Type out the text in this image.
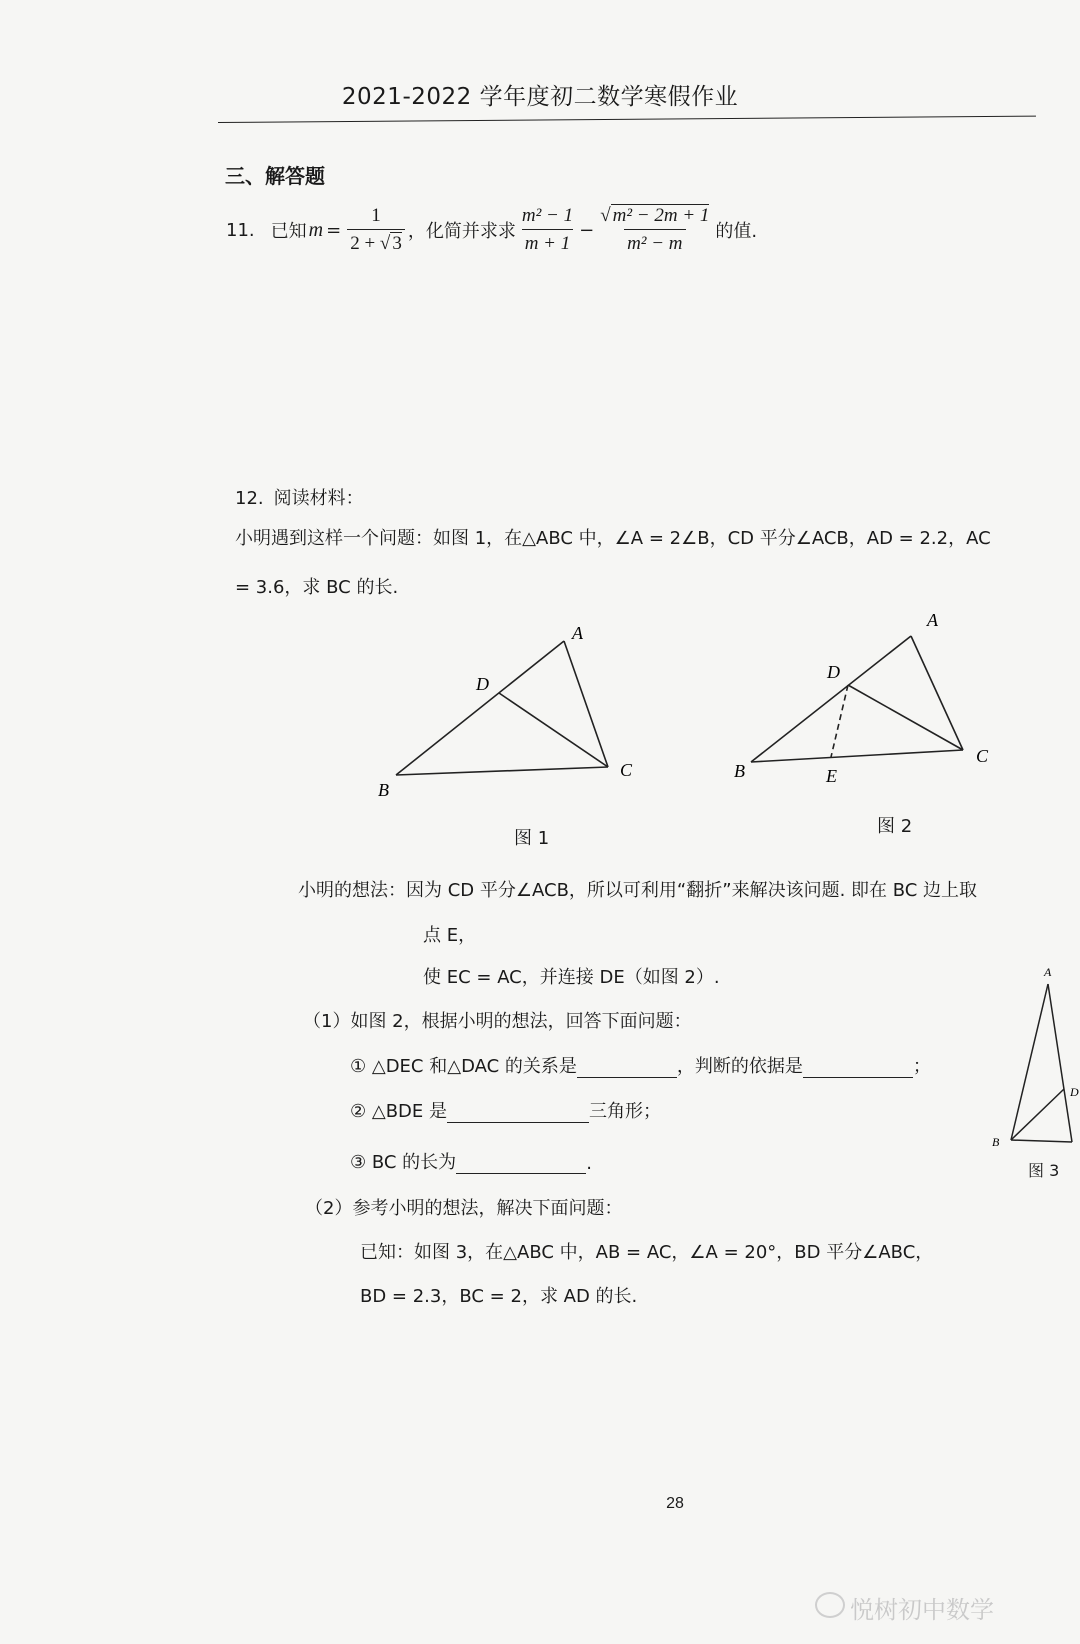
2021-2022 学年度初二数学寒假作业
三、解答题
11. 已知 $m = \frac{1}{2 + √ 3}$ ，化简并求求 $\frac{\text{m² − 1}}{m + 1} - \frac{\text{√ m² − 2m + 1}}{\text{m² − m}}$ 的值.
12. 阅读材料：
小明遇到这样一个问题：如图 1，在△ABC 中，∠A = 2∠B，CD 平分∠ACB，AD = 2.2，AC
= 3.6，求 BC 的长.
A
D
B
C
图 1
A
D
B	E
C
图 2
小明的想法：因为 CD 平分∠ACB，所以可利用“翻折”来解决该问题. 即在 BC 边上取
点 E，
使 EC = AC，并连接 DE（如图 2）.
（1）如图 2，根据小明的想法，回答下面问题：
① △DEC 和△DAC 的关系是	，判断的依据是	；
② △BDE 是	三角形；
③ BC 的长为	.
A
D
B
图 3
（2）参考小明的想法，解决下面问题：
已知：如图 3，在△ABC 中，AB = AC，∠A = 20°，BD 平分∠ABC，
BD = 2.3，BC = 2，求 AD 的长.
28
悦树初中数学
